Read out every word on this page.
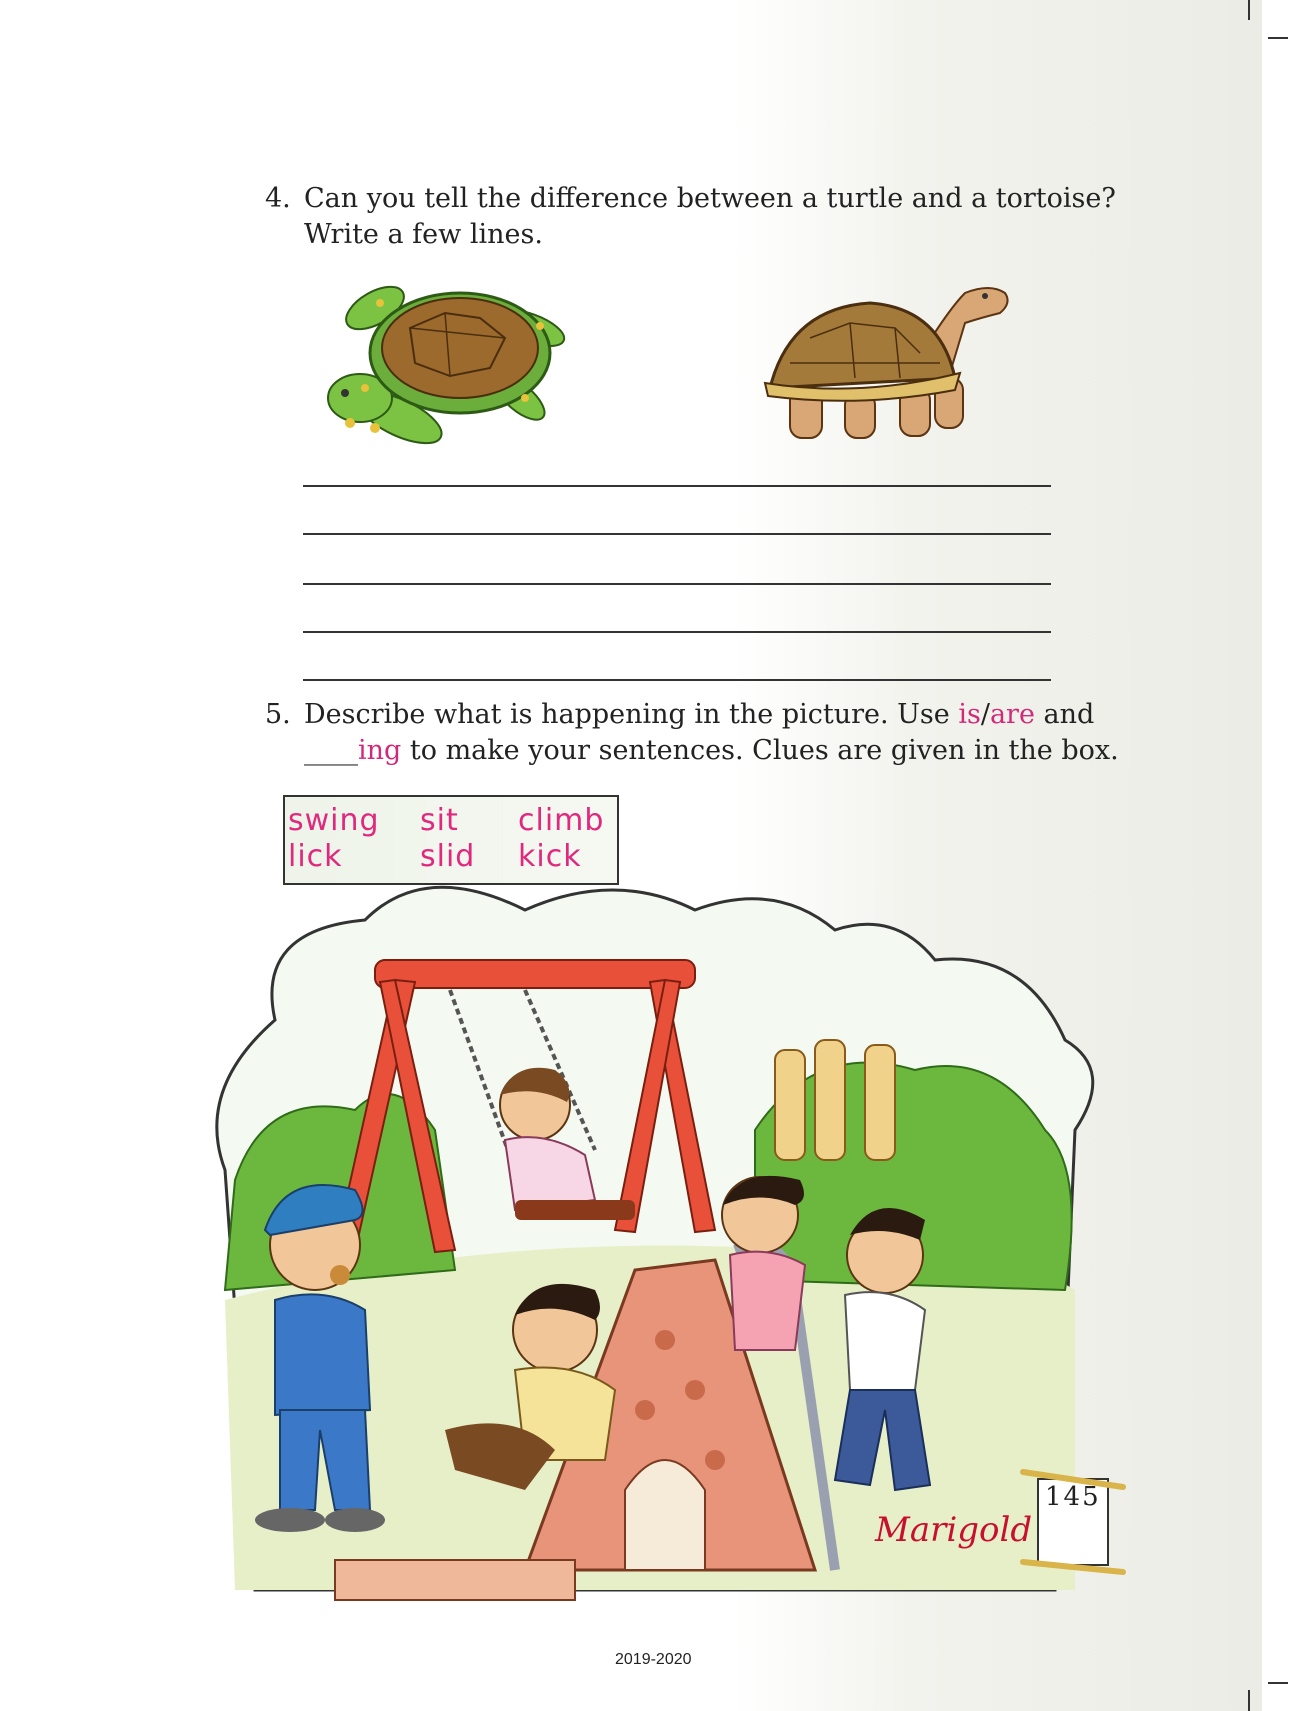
4. Can you tell the difference between a turtle and a tortoise?
Write a few lines.
5. Describe what is happening in the picture. Use is/are and
____ing to make your sentences. Clues are given in the box.
swing sit climb
lick	slid kick
145
Marigold
2019-2020
